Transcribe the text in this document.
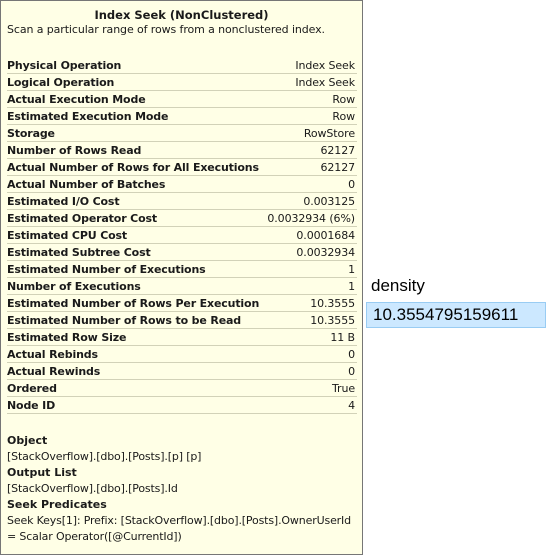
Index Seek (NonClustered)
Scan a particular range of rows from a nonclustered index.
Physical Operation	Index Seek
Logical Operation	Index Seek
Actual Execution Mode	Row
Estimated Execution Mode	Row
Storage	RowStore
Number of Rows Read	62127
Actual Number of Rows for All Executions	62127
Actual Number of Batches	0
Estimated I/O Cost	0.003125
Estimated Operator Cost	0.0032934 (6%)
Estimated CPU Cost	0.0001684
Estimated Subtree Cost	0.0032934
Estimated Number of Executions	1
Number of Executions	1
Estimated Number of Rows Per Execution	10.3555
Estimated Number of Rows to be Read	10.3555
Estimated Row Size	11 B
Actual Rebinds	0
Actual Rewinds	0
Ordered	True
Node ID	4
Object
[StackOverflow].[dbo].[Posts].[p] [p]
Output List
[StackOverflow].[dbo].[Posts].Id
Seek Predicates
Seek Keys[1]: Prefix: [StackOverflow].[dbo].[Posts].OwnerUserId
= Scalar Operator([@CurrentId])
density
10.3554795159611
